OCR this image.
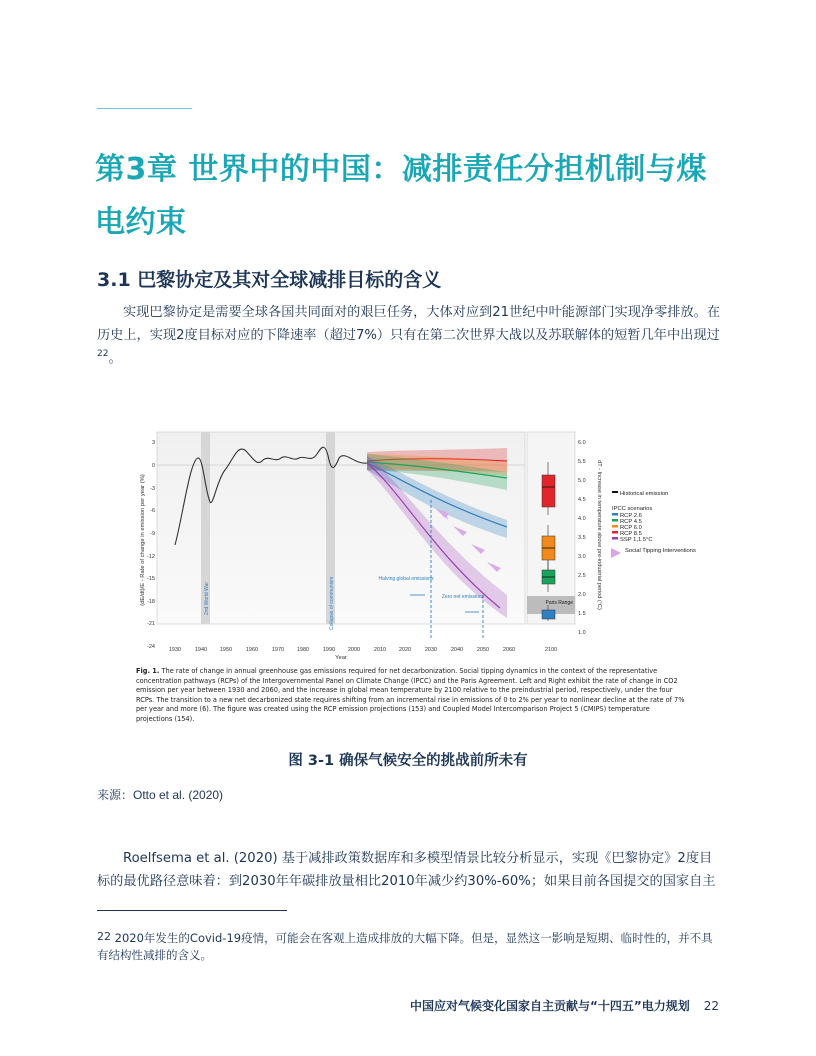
第3章 世界中的中国：减排责任分担机制与煤电约束
3.1 巴黎协定及其对全球减排目标的含义

实现巴黎协定是需要全球各国共同面对的艰巨任务，大体对应到21世纪中叶能源部门实现净零排放。在历史上，实现2度目标对应的下降速率（超过7%）只有在第二次世界大战以及苏联解体的短暂几年中出现过$^{22}$。

Halving global emissions
Zero net emissions
2nd World War	Collapse of communism
3
0
-3
-6
-9
-12
-15
-18
-21
-24
(dE/dt)/E - Rate of change in emission per year (%)
1930	1940 1950	1960	1970 1980	1990 2000	2010 2020	2030	2040	2050	2060
Year
2100
Paris Range
6.0
5.5
5.0
4.5
4.0
3.5
3.0
2.5
2.0
1.5
1.0
dT - Increase in temperature above pre-industrial period (°C)	Historical emission
IPCC scenarios
RCP 2.6
RCP 4.5
RCP 6.0
RCP 8.5
SSP 1,1.5°C
Social Tipping Interventions

Fig. 1. The rate of change in annual greenhouse gas emissions required for net decarbonization. Social tipping dynamics in the context of the representative concentration pathways (RCPs) of the Intergovernmental Panel on Climate Change (IPCC) and the Paris Agreement. Left and Right exhibit the rate of change in CO2 emission per year between 1930 and 2060, and the increase in global mean temperature by 2100 relative to the preindustrial period, respectively, under the four RCPs. The transition to a new net decarbonized state requires shifting from an incremental rise in emissions of 0 to 2% per year to nonlinear decline at the rate of 7% per year and more (6). The figure was created using the RCP emission projections (153) and Coupled Model Intercomparison Project 5 (CMIPS) temperature projections (154).

图 3-1 确保气候安全的挑战前所未有

来源：Otto et al. (2020)

Roelfsema et al. (2020) 基于减排政策数据库和多模型情景比较分析显示，实现《巴黎协定》2度目标的最优路径意味着：到2030年年碳排放量相比2010年减少约30%-60%；如果目前各国提交的国家自主

22 2020年发生的Covid-19疫情，可能会在客观上造成排放的大幅下降。但是，显然这一影响是短期、临时性的，并不具有结构性减排的含义。

中国应对气候变化国家自主贡献与“十四五”电力规划 22
